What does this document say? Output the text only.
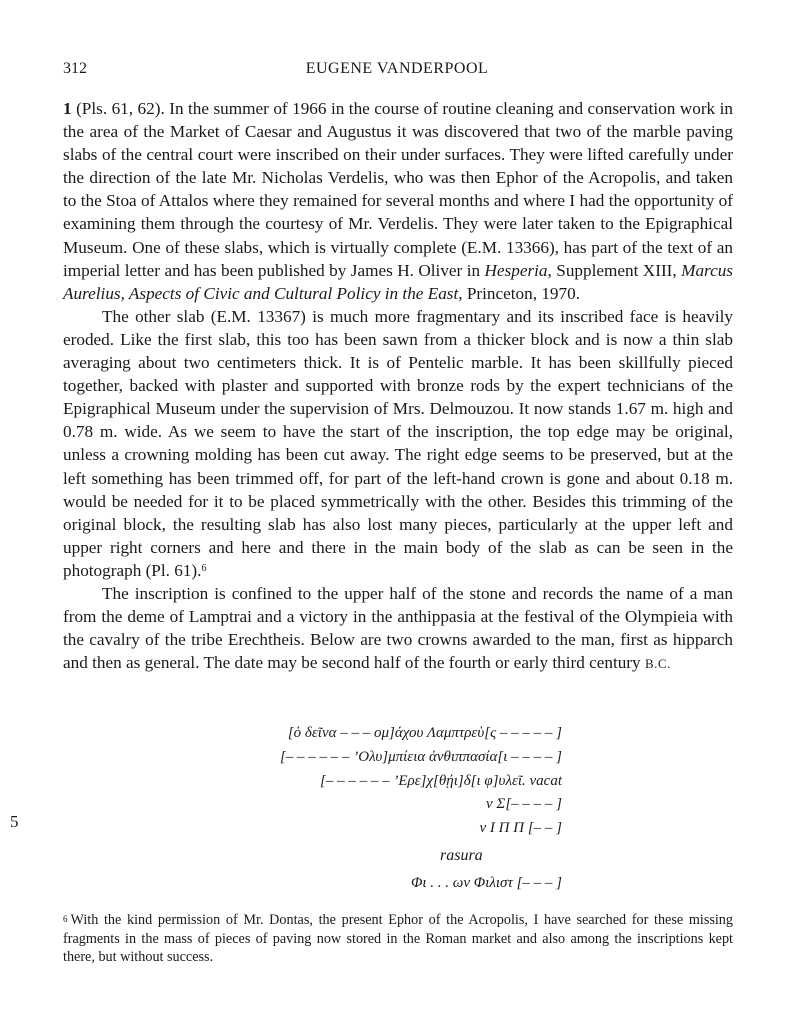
312	EUGENE VANDERPOOL

1 (Pls. 61, 62). In the summer of 1966 in the course of routine cleaning and conservation work in the area of the Market of Caesar and Augustus it was discovered that two of the marble paving slabs of the central court were inscribed on their under surfaces. They were lifted carefully under the direction of the late Mr. Nicholas Verdelis, who was then Ephor of the Acropolis, and taken to the Stoa of Attalos where they remained for several months and where I had the opportunity of examining them through the courtesy of Mr. Verdelis. They were later taken to the Epigraphical Museum. One of these slabs, which is virtually complete (E.M. 13366), has part of the text of an imperial letter and has been published by James H. Oliver in Hesperia, Supplement XIII, Marcus Aurelius, Aspects of Civic and Cultural Policy in the East, Princeton, 1970.

The other slab (E.M. 13367) is much more fragmentary and its inscribed face is heavily eroded. Like the first slab, this too has been sawn from a thicker block and is now a thin slab averaging about two centimeters thick. It is of Pentelic marble. It has been skillfully pieced together, backed with plaster and supported with bronze rods by the expert technicians of the Epigraphical Museum under the supervision of Mrs. Delmouzou. It now stands 1.67 m. high and 0.78 m. wide. As we seem to have the start of the inscription, the top edge may be original, unless a crowning molding has been cut away. The right edge seems to be preserved, but at the left something has been trimmed off, for part of the left-hand crown is gone and about 0.18 m. would be needed for it to be placed symmetrically with the other. Besides this trimming of the original block, the resulting slab has also lost many pieces, particularly at the upper left and upper right corners and here and there in the main body of the slab as can be seen in the photograph (Pl. 61).$^6$

The inscription is confined to the upper half of the stone and records the name of a man from the deme of Lamptrai and a victory in the anthippasia at the festival of the Olympieia with the cavalry of the tribe Erechtheis. Below are two crowns awarded to the man, first as hipparch and then as general. The date may be second half of the fourth or early third century B.C.

[ὁ δεῖνα – – – ομ]άχου Λαμπτρεὺ[ς – – – – – ]
[– – – – – – ’Ολυ]μπίεια ἀνθιππασία[ι – – – – ]
[– – – – – – ’Ερε]χ[θῄι]δ[ι φ]υλεῖ. vacat
v Σ[– – – – ]
v Ι Π Π [– – ]
rasura
Φι . . . ων Φιλιστ [– – – ]
5
$^6$ With the kind permission of Mr. Dontas, the present Ephor of the Acropolis, I have searched for these missing fragments in the mass of pieces of paving now stored in the Roman market and also among the inscriptions kept there, but without success.
